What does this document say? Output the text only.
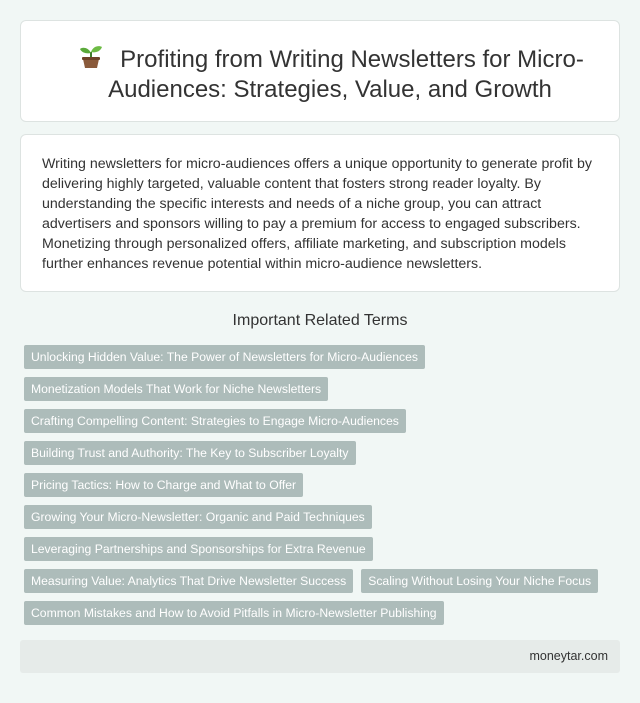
Profiting from Writing Newsletters for Micro-Audiences: Strategies, Value, and Growth
Writing newsletters for micro-audiences offers a unique opportunity to generate profit by delivering highly targeted, valuable content that fosters strong reader loyalty. By understanding the specific interests and needs of a niche group, you can attract advertisers and sponsors willing to pay a premium for access to engaged subscribers. Monetizing through personalized offers, affiliate marketing, and subscription models further enhances revenue potential within micro-audience newsletters.
Important Related Terms
Unlocking Hidden Value: The Power of Newsletters for Micro-Audiences
Monetization Models That Work for Niche Newsletters
Crafting Compelling Content: Strategies to Engage Micro-Audiences
Building Trust and Authority: The Key to Subscriber Loyalty
Pricing Tactics: How to Charge and What to Offer
Growing Your Micro-Newsletter: Organic and Paid Techniques
Leveraging Partnerships and Sponsorships for Extra Revenue
Measuring Value: Analytics That Drive Newsletter Success	Scaling Without Losing Your Niche Focus
Common Mistakes and How to Avoid Pitfalls in Micro-Newsletter Publishing
moneytar.com
